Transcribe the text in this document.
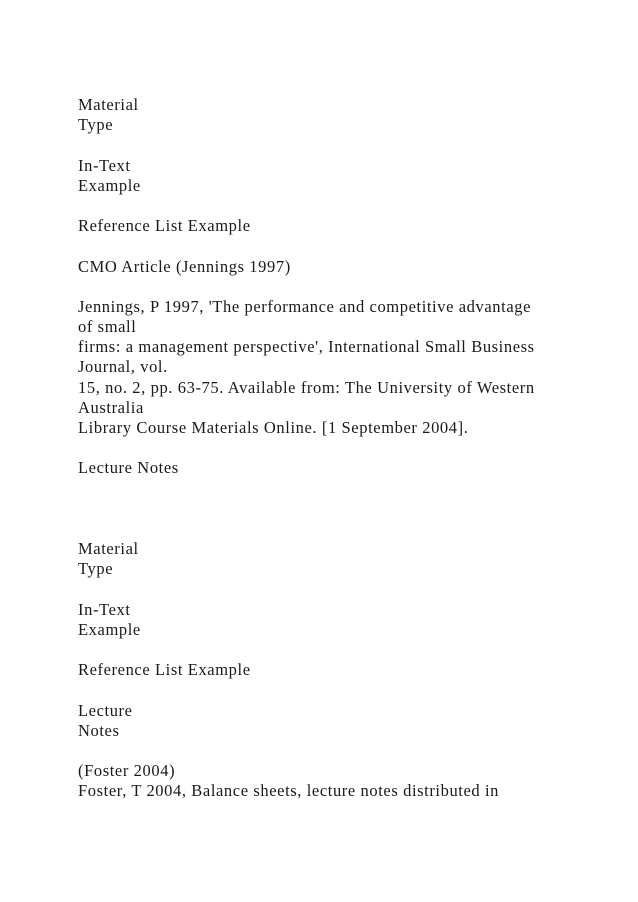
Material
Type
In-Text
Example
Reference List Example
CMO Article (Jennings 1997)
Jennings, P 1997, 'The performance and competitive advantage
of small
firms: a management perspective', International Small Business
Journal, vol.
15, no. 2, pp. 63-75. Available from: The University of Western
Australia
Library Course Materials Online. [1 September 2004].
Lecture Notes
Material
Type
In-Text
Example
Reference List Example
Lecture
Notes
(Foster 2004)
Foster, T 2004, Balance sheets, lecture notes distributed in
